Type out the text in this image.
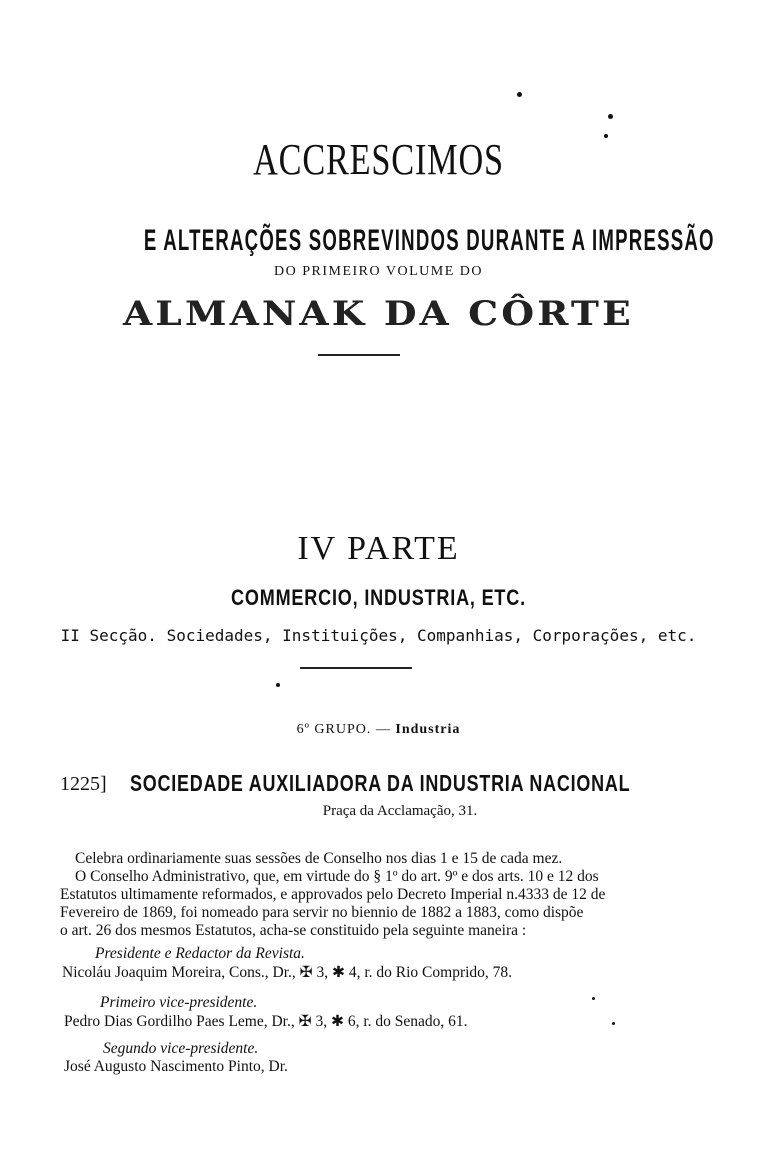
ACCRESCIMOS
E ALTERAÇÕES SOBREVINDOS DURANTE A IMPRESSÃO
DO PRIMEIRO VOLUME DO
ALMANAK DA CÔRTE
IV PARTE
COMMERCIO, INDUSTRIA, ETC.
II Secção. Sociedades, Instituições, Companhias, Corporações, etc.
6º GRUPO. — Industria
1225] SOCIEDADE AUXILIADORA DA INDUSTRIA NACIONAL
Praça da Acclamação, 31.
Celebra ordinariamente suas sessões de Conselho nos dias 1 e 15 de cada mez.
O Conselho Administrativo, que, em virtude do § 1º do art. 9º e dos arts. 10 e 12 dos
Estatutos ultimamente reformados, e approvados pelo Decreto Imperial n.4333 de 12 de
Fevereiro de 1869, foi nomeado para servir no biennio de 1882 a 1883, como dispõe
o art. 26 dos mesmos Estatutos, acha-se constituido pela seguinte maneira :
Presidente e Redactor da Revista.
Nicoláu Joaquim Moreira, Cons., Dr., ✠ 3, ✱ 4, r. do Rio Comprido, 78.
Primeiro vice-presidente.
Pedro Dias Gordilho Paes Leme, Dr., ✠ 3, ✱ 6, r. do Senado, 61.
Segundo vice-presidente.
José Augusto Nascimento Pinto, Dr.
